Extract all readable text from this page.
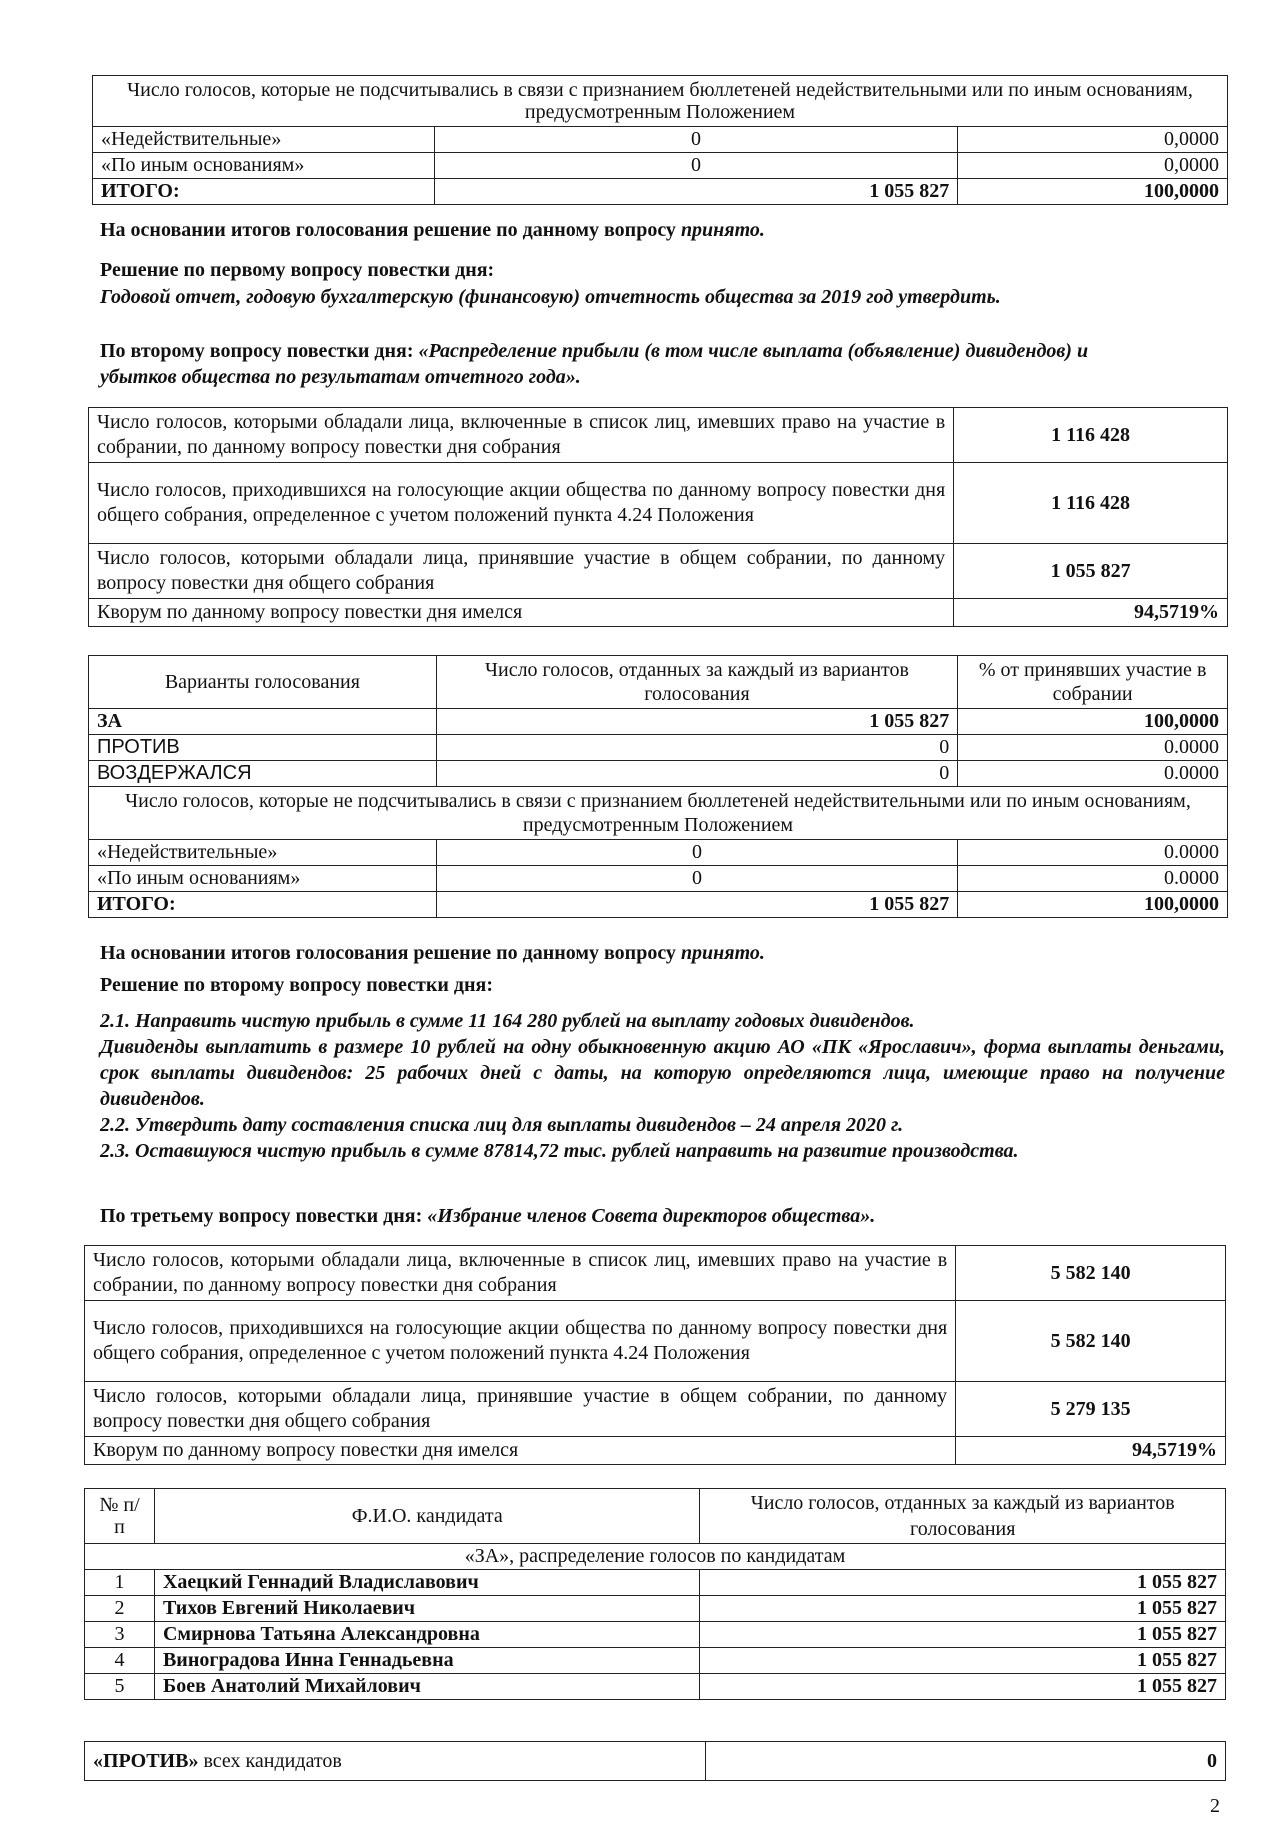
Число голосов, которые не подсчитывались в связи с признанием бюллетеней недействительными или по иным основаниям, предусмотренным Положением		
«Недействительные»	0	0,0000
«По иным основаниям»	0	0,0000
ИТОГО:	1 055 827	100,0000
На основании итогов голосования решение по данному вопросу принято.
Решение по первому вопросу повестки дня:
Годовой отчет, годовую бухгалтерскую (финансовую) отчетность общества за 2019 год утвердить.
По второму вопросу повестки дня: «Распределение прибыли (в том числе выплата (объявление) дивидендов) и убытков общества по результатам отчетного года».
Число голосов, которыми обладали лица, включенные в список лиц, имевших право на участие в собрании, по данному вопросу повестки дня собрания	1 116 428
Число голосов, приходившихся на голосующие акции общества по данному вопросу повестки дня общего собрания, определенное с учетом положений пункта 4.24 Положения	1 116 428
Число голосов, которыми обладали лица, принявшие участие в общем собрании, по данному вопросу повестки дня общего собрания	1 055 827
Кворум по данному вопросу повестки дня имелся	94,5719%
Варианты голосования	Число голосов, отданных за каждый из вариантов голосования	% от принявших участие в собрании
ЗА	1 055 827	100,0000
ПРОТИВ	0	0.0000
ВОЗДЕРЖАЛСЯ	0	0.0000
Число голосов, которые не подсчитывались в связи с признанием бюллетеней недействительными или по иным основаниям, предусмотренным Положением		
«Недействительные»	0	0.0000
«По иным основаниям»	0	0.0000
ИТОГО:	1 055 827	100,0000
На основании итогов голосования решение по данному вопросу принято.
Решение по второму вопросу повестки дня:
2.1. Направить чистую прибыль в сумме 11 164 280 рублей на выплату годовых дивидендов.
Дивиденды выплатить в размере 10 рублей на одну обыкновенную акцию АО «ПК «Ярославич», форма выплаты деньгами, срок выплаты дивидендов: 25 рабочих дней с даты, на которую определяются лица, имеющие право на получение дивидендов.
2.2. Утвердить дату составления списка лиц для выплаты дивидендов – 24 апреля 2020 г.
2.3. Оставшуюся чистую прибыль в сумме 87814,72 тыс. рублей направить на развитие производства.
По третьему вопросу повестки дня: «Избрание членов Совета директоров общества».
Число голосов, которыми обладали лица, включенные в список лиц, имевших право на участие в собрании, по данному вопросу повестки дня собрания	5 582 140
Число голосов, приходившихся на голосующие акции общества по данному вопросу повестки дня общего собрания, определенное с учетом положений пункта 4.24 Положения	5 582 140
Число голосов, которыми обладали лица, принявшие участие в общем собрании, по данному вопросу повестки дня общего собрания	5 279 135
Кворум по данному вопросу повестки дня имелся	94,5719%
№ п/п	Ф.И.О. кандидата	Число голосов, отданных за каждый из вариантов голосования
«ЗА», распределение голосов по кандидатам		
1	Хаецкий Геннадий Владиславович	1 055 827
2	Тихов Евгений Николаевич	1 055 827
3	Смирнова Татьяна Александровна	1 055 827
4	Виноградова Инна Геннадьевна	1 055 827
5	Боев Анатолий Михайлович	1 055 827
«ПРОТИВ» всех кандидатов	0
2
